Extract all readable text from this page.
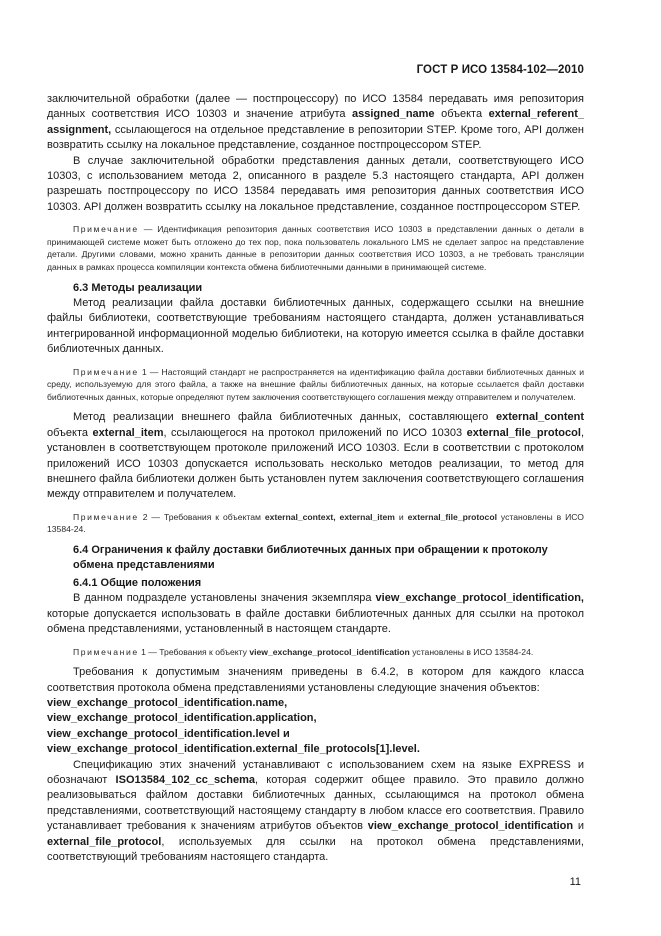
ГОСТ Р ИСО 13584-102—2010

заключительной обработки (далее — постпроцессору) по ИСО 13584 передавать имя репозитория данных соответствия ИСО 10303 и значение атрибута assigned_name объекта external_referent_ assignment, ссылающегося на отдельное представление в репозитории STEP. Кроме того, API должен возвратить ссылку на локальное представление, созданное постпроцессором STEP.

В случае заключительной обработки представления данных детали, соответствующего ИСО 10303, с использованием метода 2, описанного в разделе 5.3 настоящего стандарта, API должен разрешать постпроцессору по ИСО 13584 передавать имя репозитория данных соответствия ИСО 10303. API должен возвратить ссылку на локальное представление, созданное постпроцессором STEP.

Примечание — Идентификация репозитория данных соответствия ИСО 10303 в представлении данных о детали в принимающей системе может быть отложено до тех пор, пока пользователь локального LMS не сделает запрос на представление детали. Другими словами, можно хранить данные в репозитории данных соответствия ИСО 10303, а не требовать трансляции данных в рамках процесса компиляции контекста обмена библиотечными данными в принимающей системе.
6.3 Методы реализации

Метод реализации файла доставки библиотечных данных, содержащего ссылки на внешние файлы библиотеки, соответствующие требованиям настоящего стандарта, должен устанавливаться интегрированной информационной моделью библиотеки, на которую имеется ссылка в файле доставки библиотечных данных.

Примечание 1 — Настоящий стандарт не распространяется на идентификацию файла доставки библиотечных данных и среду, используемую для этого файла, а также на внешние файлы библиотечных данных, на которые ссылается файл доставки библиотечных данных, которые определяют путем заключения соответствующего соглашения между отправителем и получателем.

Метод реализации внешнего файла библиотечных данных, составляющего external_content объекта external_item, ссылающегося на протокол приложений по ИСО 10303 external_file_protocol, установлен в соответствующем протоколе приложений ИСО 10303. Если в соответствии с протоколом приложений ИСО 10303 допускается использовать несколько методов реализации, то метод для внешнего файла библиотеки должен быть установлен путем заключения соответствующего соглашения между отправителем и получателем.

Примечание 2 — Требования к объектам external_context, external_item и external_file_protocol установлены в ИСО 13584-24.
6.4 Ограничения к файлу доставки библиотечных данных при обращении к протоколу обмена представлениями
6.4.1 Общие положения

В данном подразделе установлены значения экземпляра view_exchange_protocol_identification, которые допускается использовать в файле доставки библиотечных данных для ссылки на протокол обмена представлениями, установленный в настоящем стандарте.

Примечание 1 — Требования к объекту view_exchange_protocol_identification установлены в ИСО 13584-24.

Требования к допустимым значениям приведены в 6.4.2, в котором для каждого класса соответствия протокола обмена представлениями установлены следующие значения объектов:

view_exchange_protocol_identification.name,
view_exchange_protocol_identification.application,
view_exchange_protocol_identification.level и
view_exchange_protocol_identification.external_file_protocols[1].level.

Спецификацию этих значений устанавливают с использованием схем на языке EXPRESS и обозначают ISO13584_102_cc_schema, которая содержит общее правило. Это правило должно реализовываться файлом доставки библиотечных данных, ссылающимся на протокол обмена представлениями, соответствующий настоящему стандарту в любом классе его соответствия. Правило устанавливает требования к значениям атрибутов объектов view_exchange_protocol_identification и external_file_protocol, используемых для ссылки на протокол обмена представлениями, соответствующий требованиям настоящего стандарта.

11
